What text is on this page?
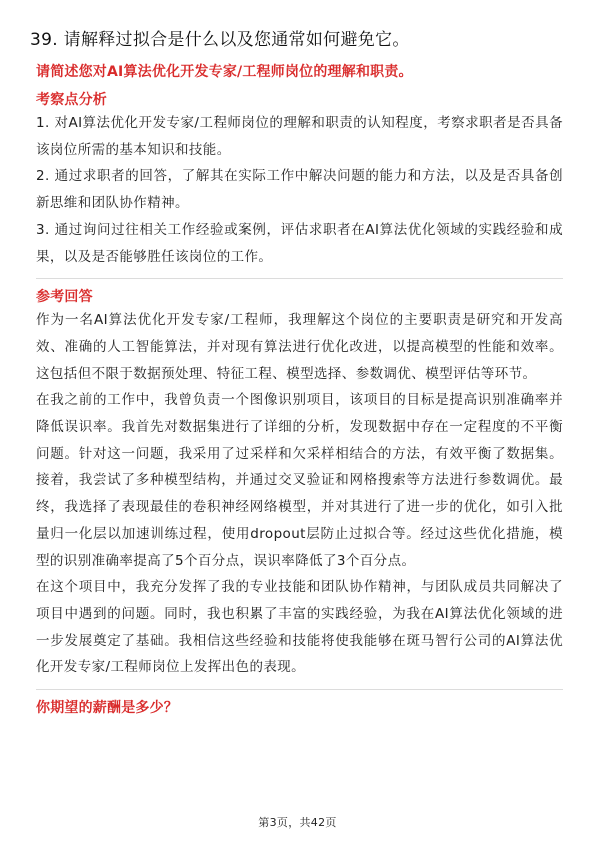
39. 请解释过拟合是什么以及您通常如何避免它。
请简述您对AI算法优化开发专家/工程师岗位的理解和职责。
考察点分析

1. 对AI算法优化开发专家/工程师岗位的理解和职责的认知程度，考察求职者是否具备该岗位所需的基本知识和技能。

2. 通过求职者的回答，了解其在实际工作中解决问题的能力和方法，以及是否具备创新思维和团队协作精神。

3. 通过询问过往相关工作经验或案例，评估求职者在AI算法优化领域的实践经验和成果，以及是否能够胜任该岗位的工作。

参考回答

作为一名AI算法优化开发专家/工程师，我理解这个岗位的主要职责是研究和开发高效、准确的人工智能算法，并对现有算法进行优化改进，以提高模型的性能和效率。这包括但不限于数据预处理、特征工程、模型选择、参数调优、模型评估等环节。

在我之前的工作中，我曾负责一个图像识别项目，该项目的目标是提高识别准确率并降低误识率。我首先对数据集进行了详细的分析，发现数据中存在一定程度的不平衡问题。针对这一问题，我采用了过采样和欠采样相结合的方法，有效平衡了数据集。接着，我尝试了多种模型结构，并通过交叉验证和网格搜索等方法进行参数调优。最终，我选择了表现最佳的卷积神经网络模型，并对其进行了进一步的优化，如引入批量归一化层以加速训练过程，使用dropout层防止过拟合等。经过这些优化措施，模型的识别准确率提高了5个百分点，误识率降低了3个百分点。

在这个项目中，我充分发挥了我的专业技能和团队协作精神，与团队成员共同解决了项目中遇到的问题。同时，我也积累了丰富的实践经验，为我在AI算法优化领域的进一步发展奠定了基础。我相信这些经验和技能将使我能够在斑马智行公司的AI算法优化开发专家/工程师岗位上发挥出色的表现。

你期望的薪酬是多少？
第3页，共42页
